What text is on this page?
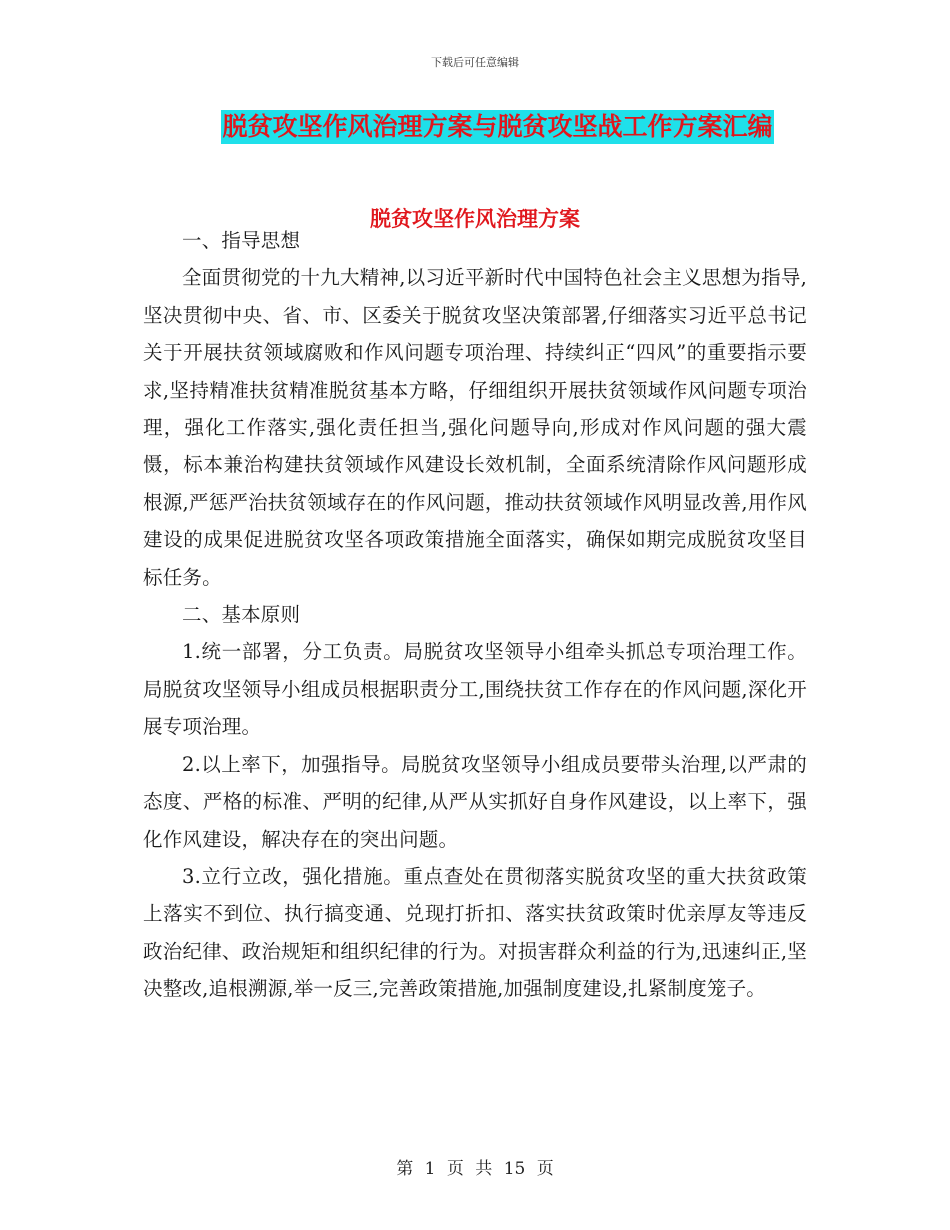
下载后可任意编辑
脱贫攻坚作风治理方案与脱贫攻坚战工作方案汇编
脱贫攻坚作风治理方案

一、指导思想

全面贯彻党的十九大精神,以习近平新时代中国特色社会主义思想为指导,坚决贯彻中央、省、市、区委关于脱贫攻坚决策部署,仔细落实习近平总书记关于开展扶贫领域腐败和作风问题专项治理、持续纠正“四风”的重要指示要求,坚持精准扶贫精准脱贫基本方略，仔细组织开展扶贫领域作风问题专项治理，强化工作落实,强化责任担当,强化问题导向,形成对作风问题的强大震慑，标本兼治构建扶贫领域作风建设长效机制，全面系统清除作风问题形成根源,严惩严治扶贫领域存在的作风问题，推动扶贫领域作风明显改善,用作风建设的成果促进脱贫攻坚各项政策措施全面落实，确保如期完成脱贫攻坚目标任务。

二、基本原则

1.统一部署，分工负责。局脱贫攻坚领导小组牵头抓总专项治理工作。局脱贫攻坚领导小组成员根据职责分工,围绕扶贫工作存在的作风问题,深化开展专项治理。

2.以上率下，加强指导。局脱贫攻坚领导小组成员要带头治理,以严肃的态度、严格的标准、严明的纪律,从严从实抓好自身作风建设，以上率下，强化作风建设，解决存在的突出问题。

3.立行立改，强化措施。重点查处在贯彻落实脱贫攻坚的重大扶贫政策上落实不到位、执行搞变通、兑现打折扣、落实扶贫政策时优亲厚友等违反政治纪律、政治规矩和组织纪律的行为。对损害群众利益的行为,迅速纠正,坚决整改,追根溯源,举一反三,完善政策措施,加强制度建设,扎紧制度笼子。

第 1 页 共 15 页
